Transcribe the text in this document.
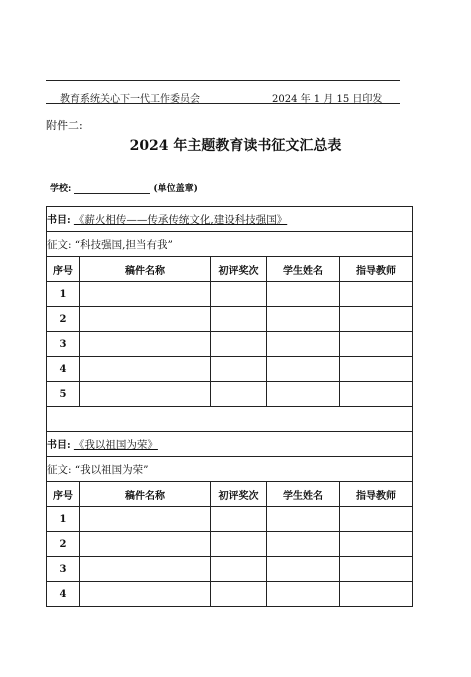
教育系统关心下一代工作委员会	2024 年 1 月 15 日印发
附件二:
2024 年主题教育读书征文汇总表
学校:	(单位盖章)
书目: 《薪火相传——传承传统文化,建设科技强国》				
征文: “科技强国,担当有我”				
序号	稿件名称	初评奖次	学生姓名	指导教师
1				
2				
3				
4				
5				

书目: 《我以祖国为荣》				
征文: “我以祖国为荣”				
序号	稿件名称	初评奖次	学生姓名	指导教师
1				
2				
3				
4				
